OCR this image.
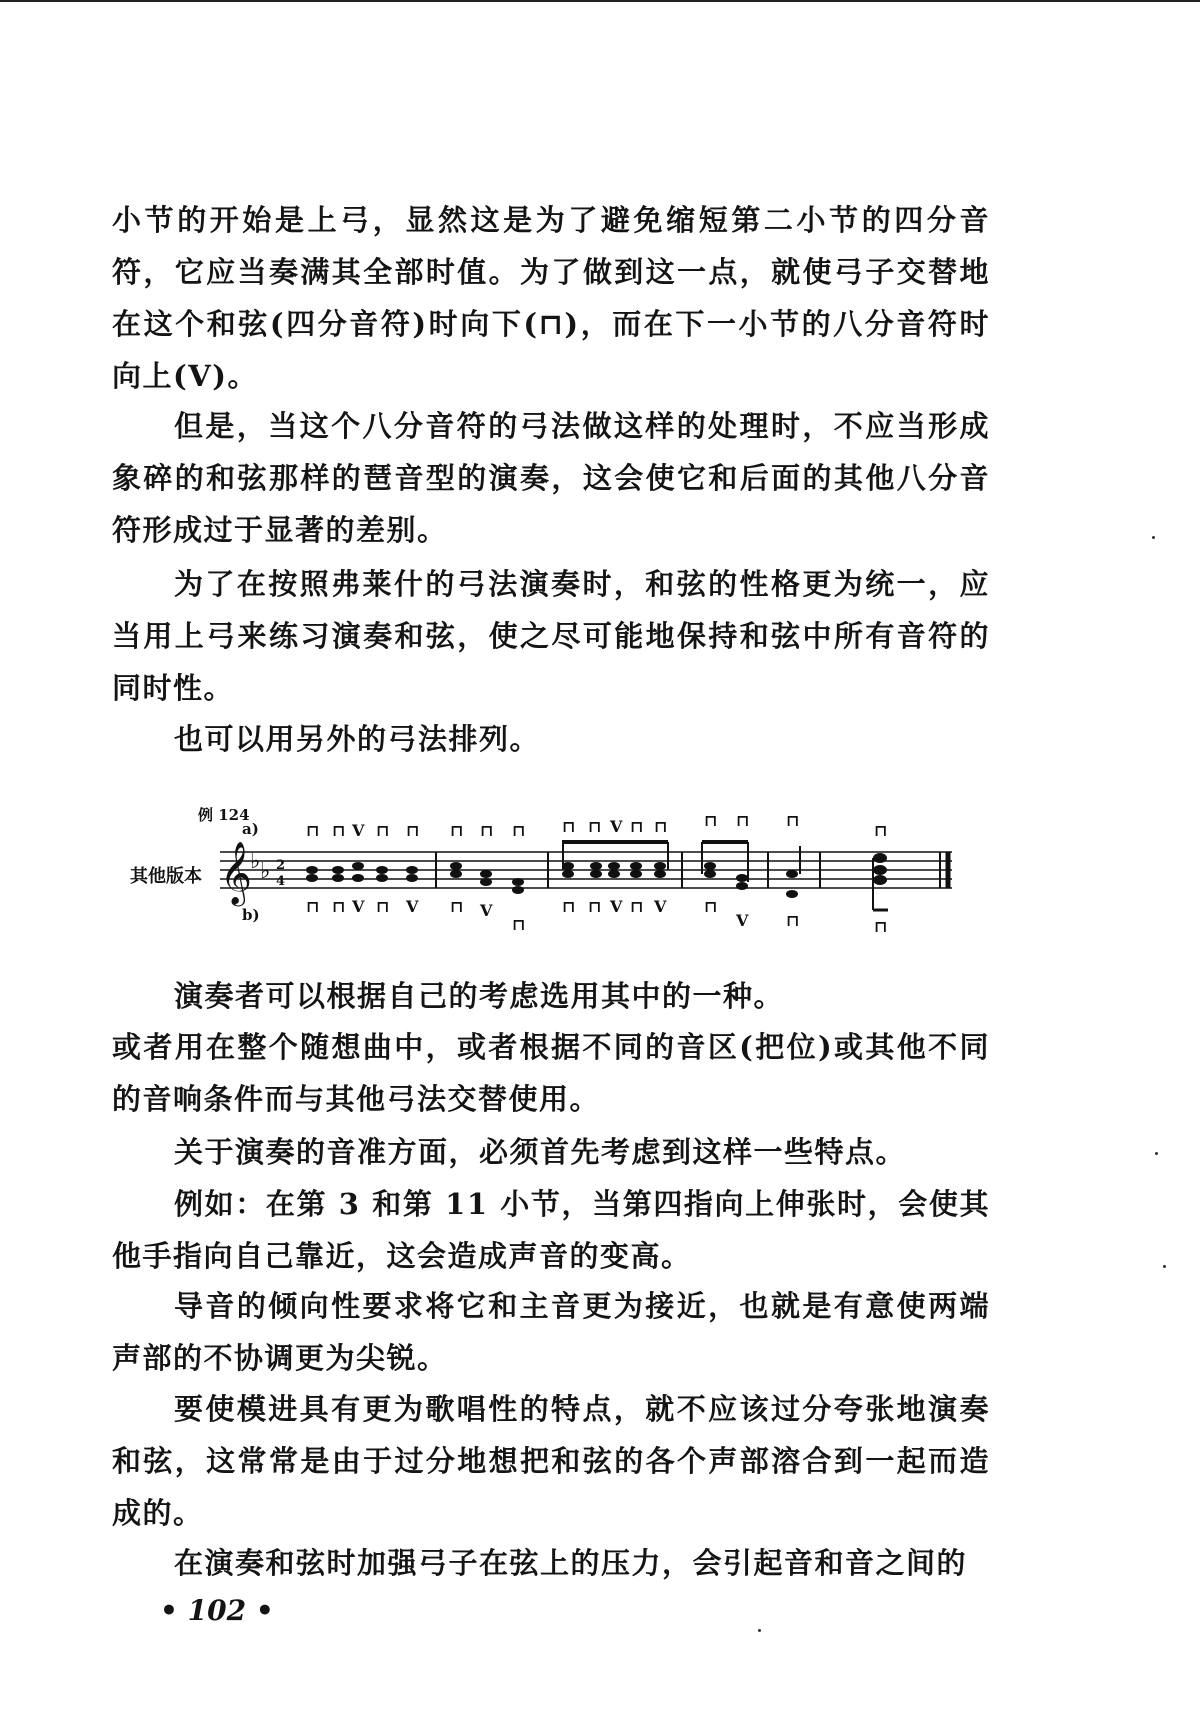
小节的开始是上弓，显然这是为了避免缩短第二小节的四分音符，它应当奏满其全部时值。为了做到这一点，就使弓子交替地在这个和弦(四分音符)时向下(⊓)，而在下一小节的八分音符时向上(V)。

但是，当这个八分音符的弓法做这样的处理时，不应当形成象碎的和弦那样的琶音型的演奏，这会使它和后面的其他八分音符形成过于显著的差别。

为了在按照弗莱什的弓法演奏时，和弦的性格更为统一，应当用上弓来练习演奏和弦，使之尽可能地保持和弦中所有音符的同时性。

也可以用另外的弓法排列。

例 124
a)
其他版本
b)
𝄞
♭ ♭ 2
4
⊓ ⊓ V ⊓ ⊓ ⊓ ⊓ ⊓ ⊓ ⊓ V ⊓ ⊓ ⊓ ⊓ ⊓
⊓
⊓ ⊓ V ⊓ V ⊓ V
⊓
⊓ ⊓ V ⊓ V ⊓
V ⊓	⊓

演奏者可以根据自己的考虑选用其中的一种。

或者用在整个随想曲中，或者根据不同的音区(把位)或其他不同的音响条件而与其他弓法交替使用。

关于演奏的音准方面，必须首先考虑到这样一些特点。

例如：在第 3 和第 11 小节，当第四指向上伸张时，会使其他手指向自己靠近，这会造成声音的变高。

导音的倾向性要求将它和主音更为接近，也就是有意使两端声部的不协调更为尖锐。

要使模进具有更为歌唱性的特点，就不应该过分夸张地演奏和弦，这常常是由于过分地想把和弦的各个声部溶合到一起而造成的。

在演奏和弦时加强弓子在弦上的压力，会引起音和音之间的

• 102 •
